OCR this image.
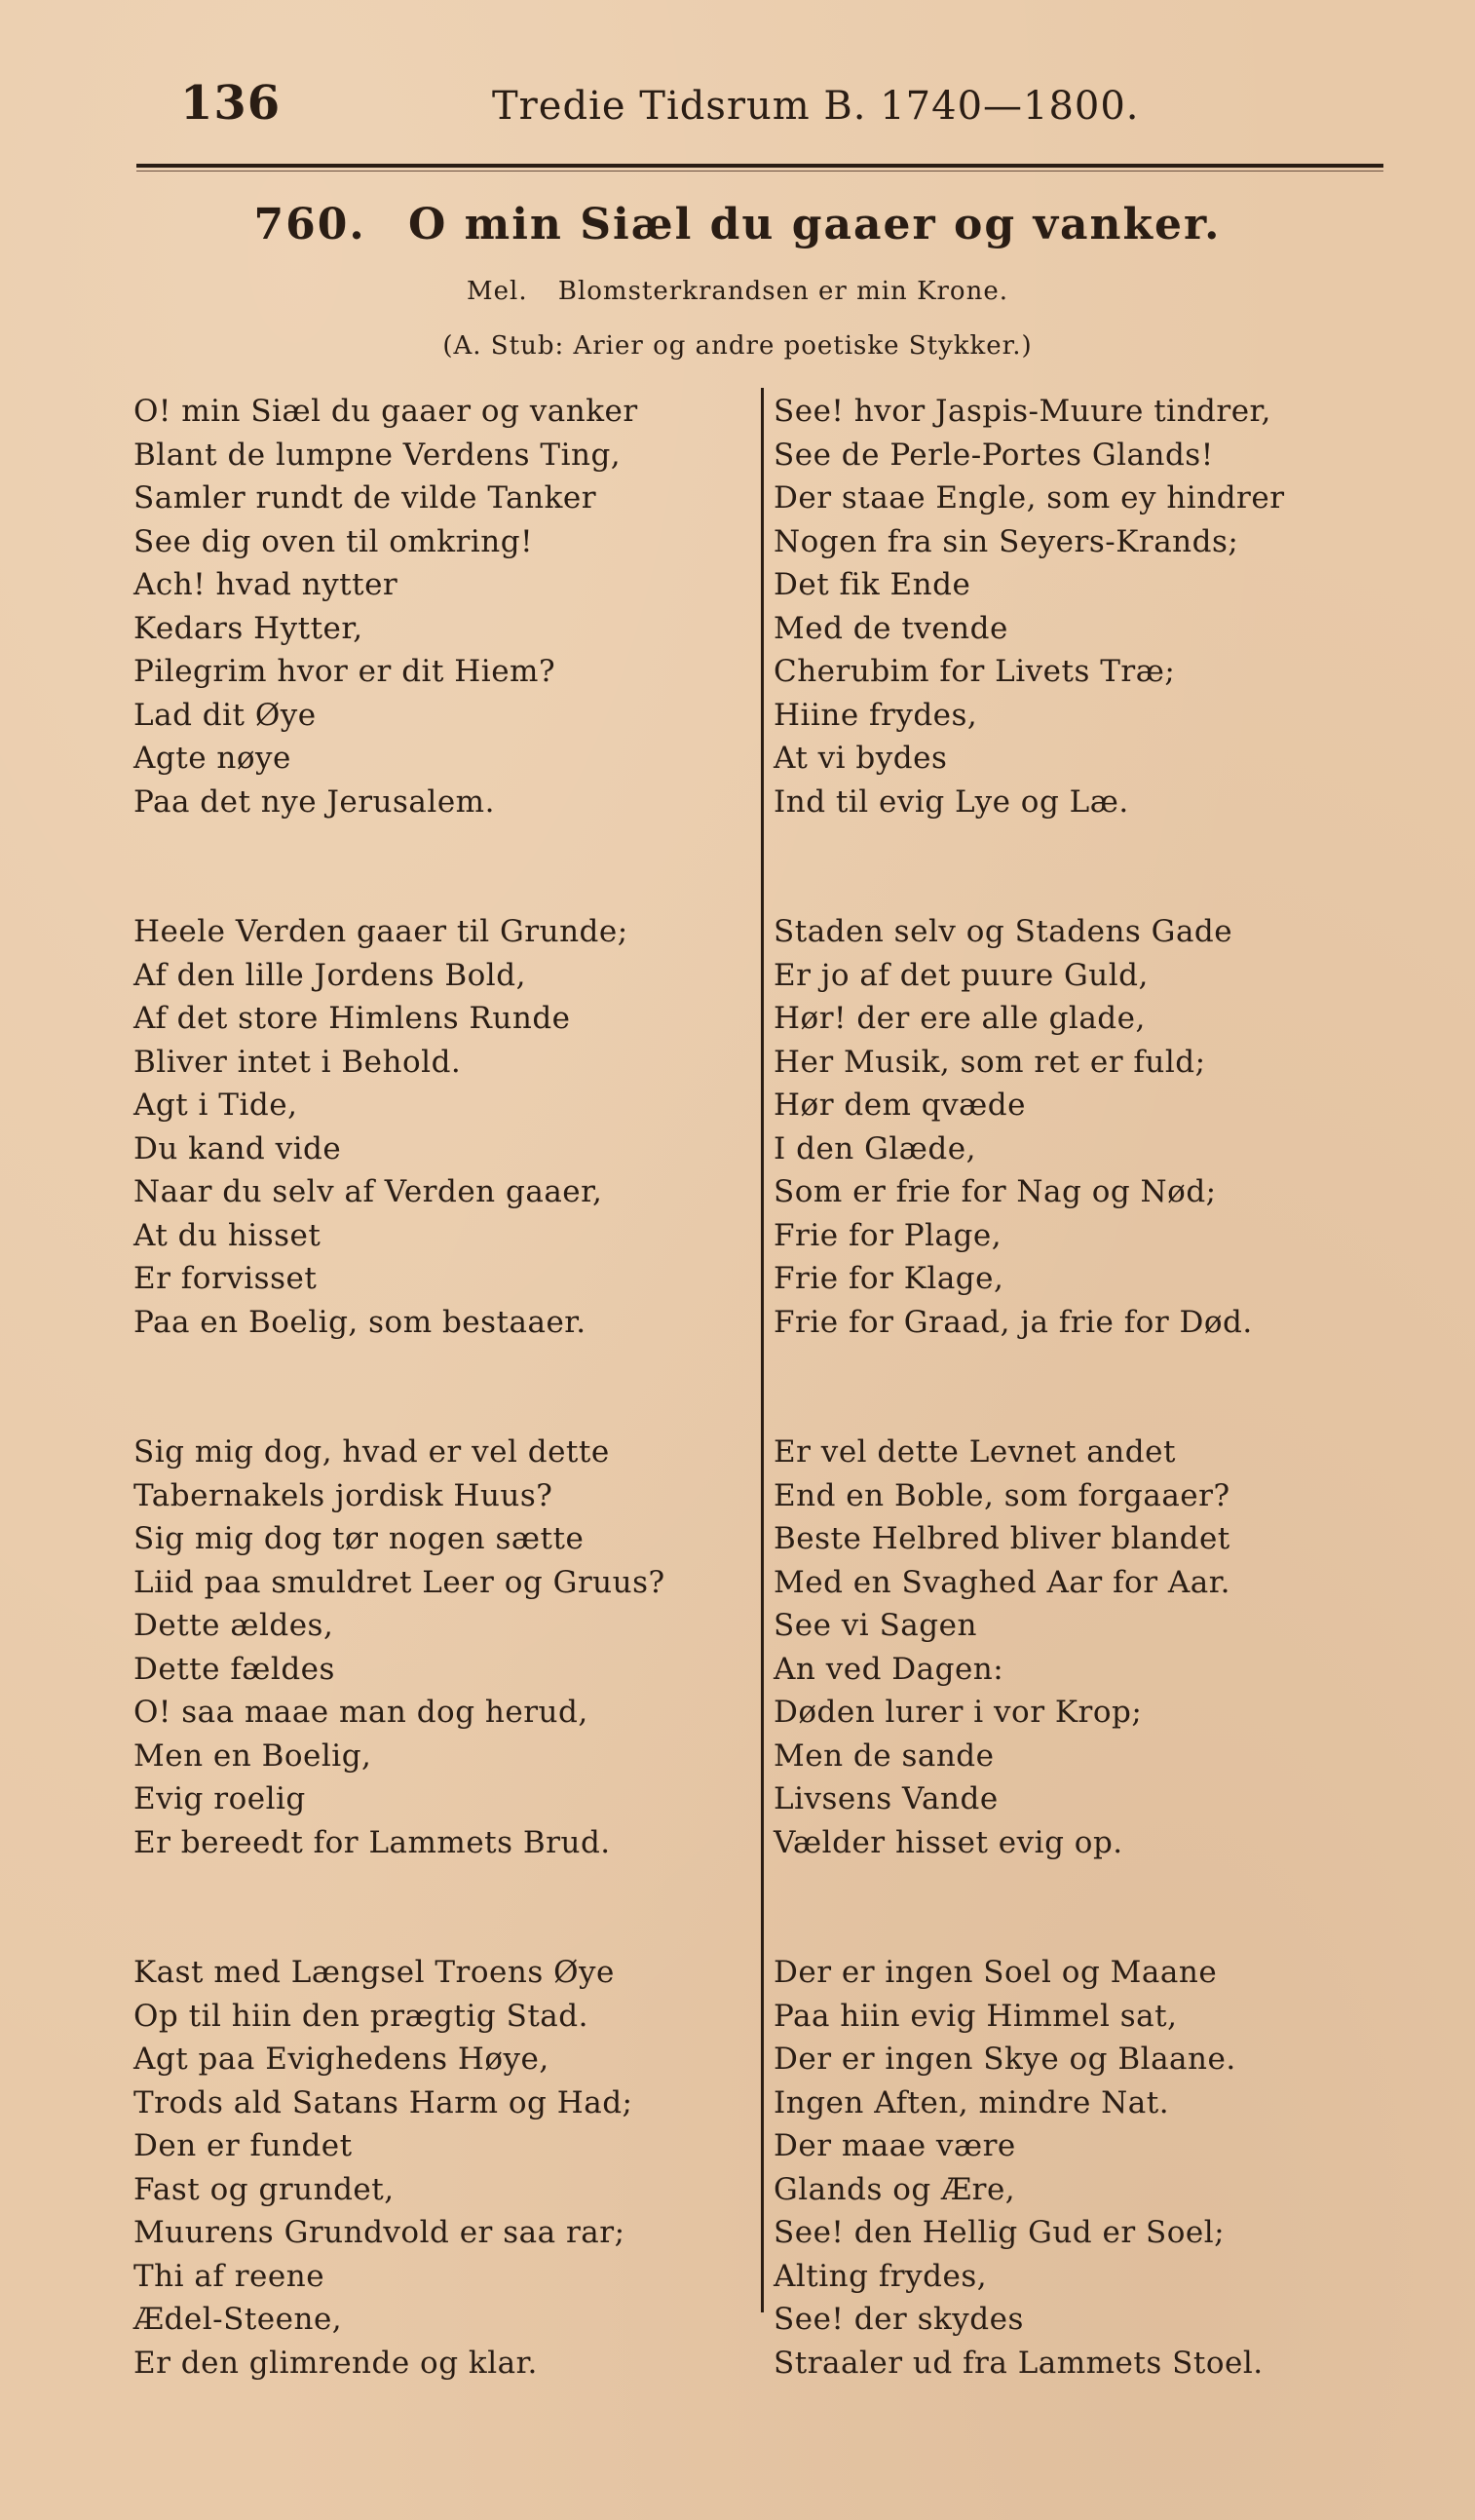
136	Tredie Tidsrum B. 1740—1800.
760. O min Siæl du gaaer og vanker.
Mel. Blomsterkrandsen er min Krone.
(A. Stub: Arier og andre poetiske Stykker.)
O! min Siæl du gaaer og vanker
Blant de lumpne Verdens Ting,
Samler rundt de vilde Tanker
See dig oven til omkring!
Ach! hvad nytter
Kedars Hytter,
Pilegrim hvor er dit Hiem?
Lad dit Øye
Agte nøye
Paa det nye Jerusalem.
Heele Verden gaaer til Grunde;
Af den lille Jordens Bold,
Af det store Himlens Runde
Bliver intet i Behold.
Agt i Tide,
Du kand vide
Naar du selv af Verden gaaer,
At du hisset
Er forvisset
Paa en Boelig, som bestaaer.
Sig mig dog, hvad er vel dette
Tabernakels jordisk Huus?
Sig mig dog tør nogen sætte
Liid paa smuldret Leer og Gruus?
Dette ældes,
Dette fældes
O! saa maae man dog herud,
Men en Boelig,
Evig roelig
Er bereedt for Lammets Brud.
Kast med Længsel Troens Øye
Op til hiin den prægtig Stad.
Agt paa Evighedens Høye,
Trods ald Satans Harm og Had;
Den er fundet
Fast og grundet,
Muurens Grundvold er saa rar;
Thi af reene
Ædel-Steene,
Er den glimrende og klar.
See! hvor Jaspis-Muure tindrer,
See de Perle-Portes Glands!
Der staae Engle, som ey hindrer
Nogen fra sin Seyers-Krands;
Det fik Ende
Med de tvende
Cherubim for Livets Træ;
Hiine frydes,
At vi bydes
Ind til evig Lye og Læ.
Staden selv og Stadens Gade
Er jo af det puure Guld,
Hør! der ere alle glade,
Her Musik, som ret er fuld;
Hør dem qvæde
I den Glæde,
Som er frie for Nag og Nød;
Frie for Plage,
Frie for Klage,
Frie for Graad, ja frie for Død.
Er vel dette Levnet andet
End en Boble, som forgaaer?
Beste Helbred bliver blandet
Med en Svaghed Aar for Aar.
See vi Sagen
An ved Dagen:
Døden lurer i vor Krop;
Men de sande
Livsens Vande
Vælder hisset evig op.
Der er ingen Soel og Maane
Paa hiin evig Himmel sat,
Der er ingen Skye og Blaane.
Ingen Aften, mindre Nat.
Der maae være
Glands og Ære,
See! den Hellig Gud er Soel;
Alting frydes,
See! der skydes
Straaler ud fra Lammets Stoel.
